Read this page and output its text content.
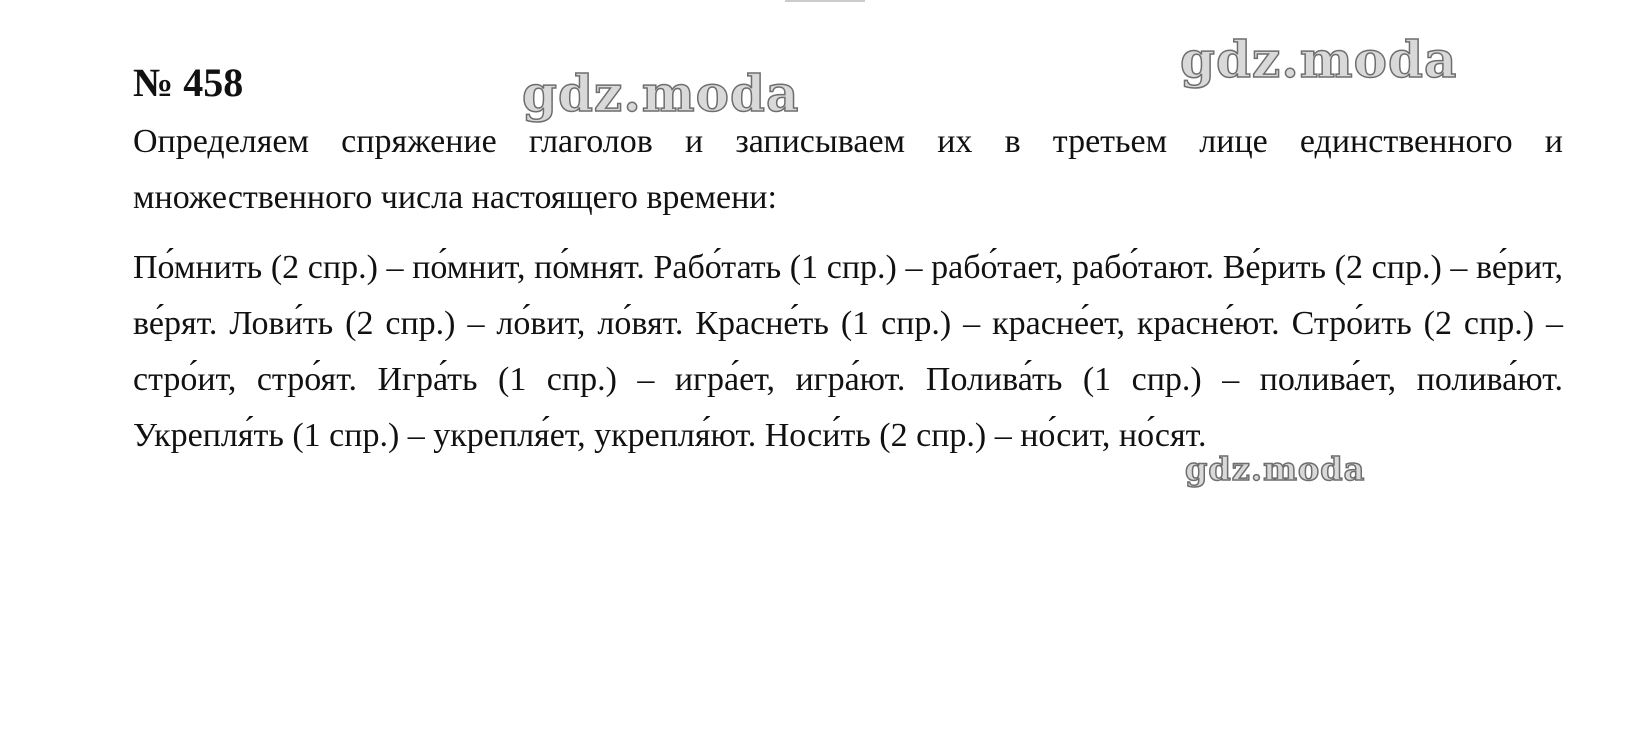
№ 458

Определяем спряжение глаголов и записываем их в третьем лице единственного и множественного числа настоящего времени:

По́мнить (2 спр.) – по́мнит, по́мнят. Рабо́тать (1 спр.) – рабо́тает, рабо́тают. Ве́рить (2 спр.) – ве́рит, ве́рят. Лови́ть (2 спр.) – ло́вит, ло́вят. Красне́ть (1 спр.) – красне́ет, красне́ют. Стро́ить (2 спр.) – стро́ит, стро́ят. Игра́ть (1 спр.) – игра́ет, игра́ют. Полива́ть (1 спр.) – полива́ет, полива́ют. Укрепля́ть (1 спр.) – укрепля́ет, укрепля́ют. Носи́ть (2 спр.) – но́сит, но́сят.

gdz.moda
gdz.moda
gdz.moda
